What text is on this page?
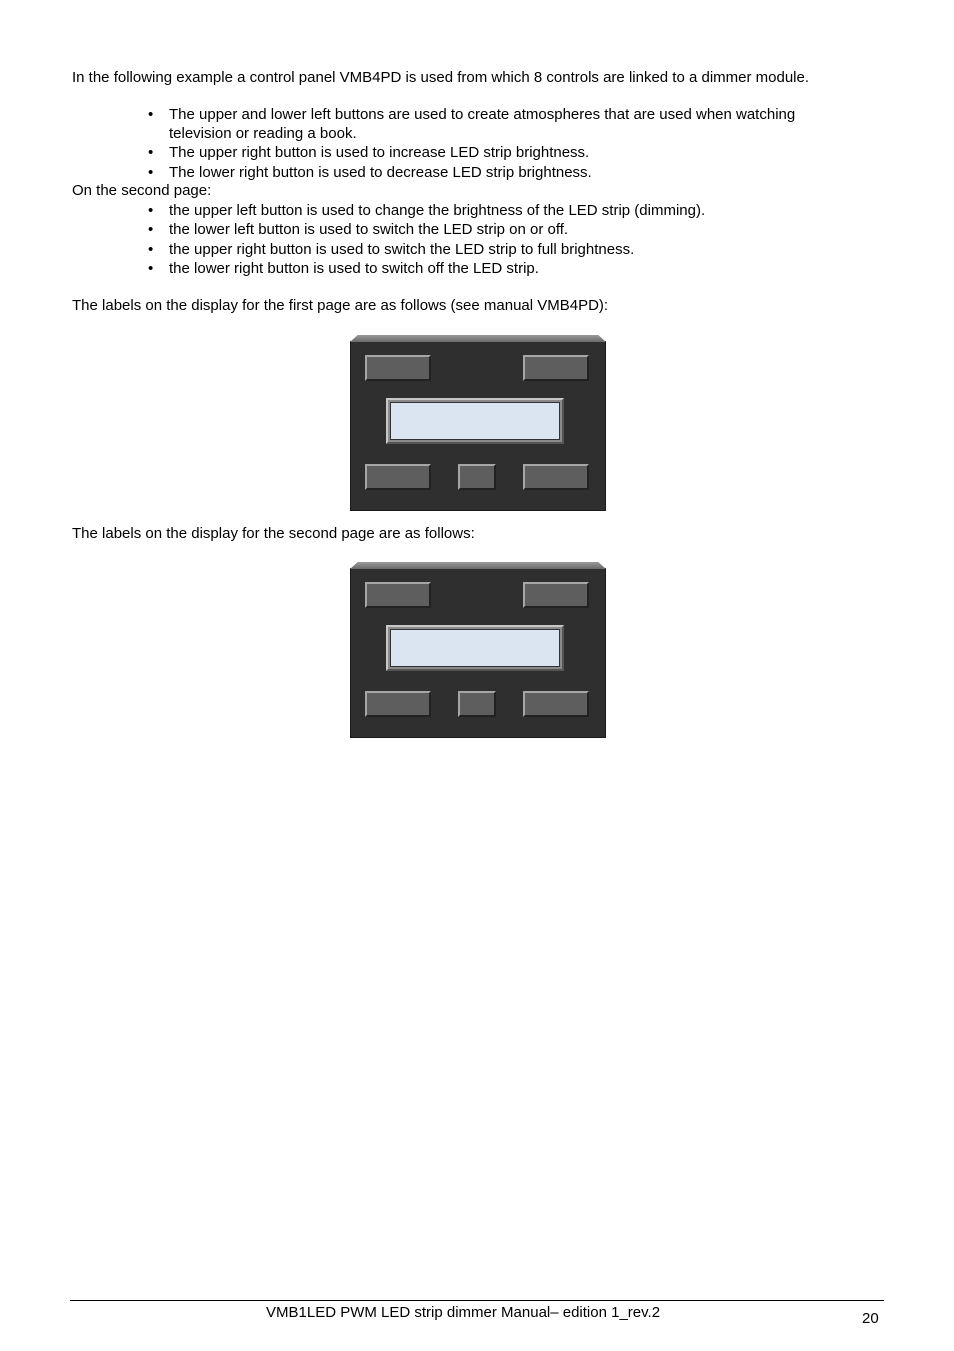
In the following example a control panel VMB4PD is used from which 8 controls are linked to a dimmer module.
• The upper and lower left buttons are used to create atmospheres that are used when watching
television or reading a book.
• The upper right button is used to increase LED strip brightness.
• The lower right button is used to decrease LED strip brightness.
On the second page:
• the upper left button is used to change the brightness of the LED strip (dimming).
• the lower left button is used to switch the LED strip on or off.
• the upper right button is used to switch the LED strip to full brightness.
• the lower right button is used to switch off the LED strip.
The labels on the display for the first page are as follows (see manual VMB4PD):
The labels on the display for the second page are as follows:
VMB1LED PWM LED strip dimmer Manual– edition 1_rev.2	20
